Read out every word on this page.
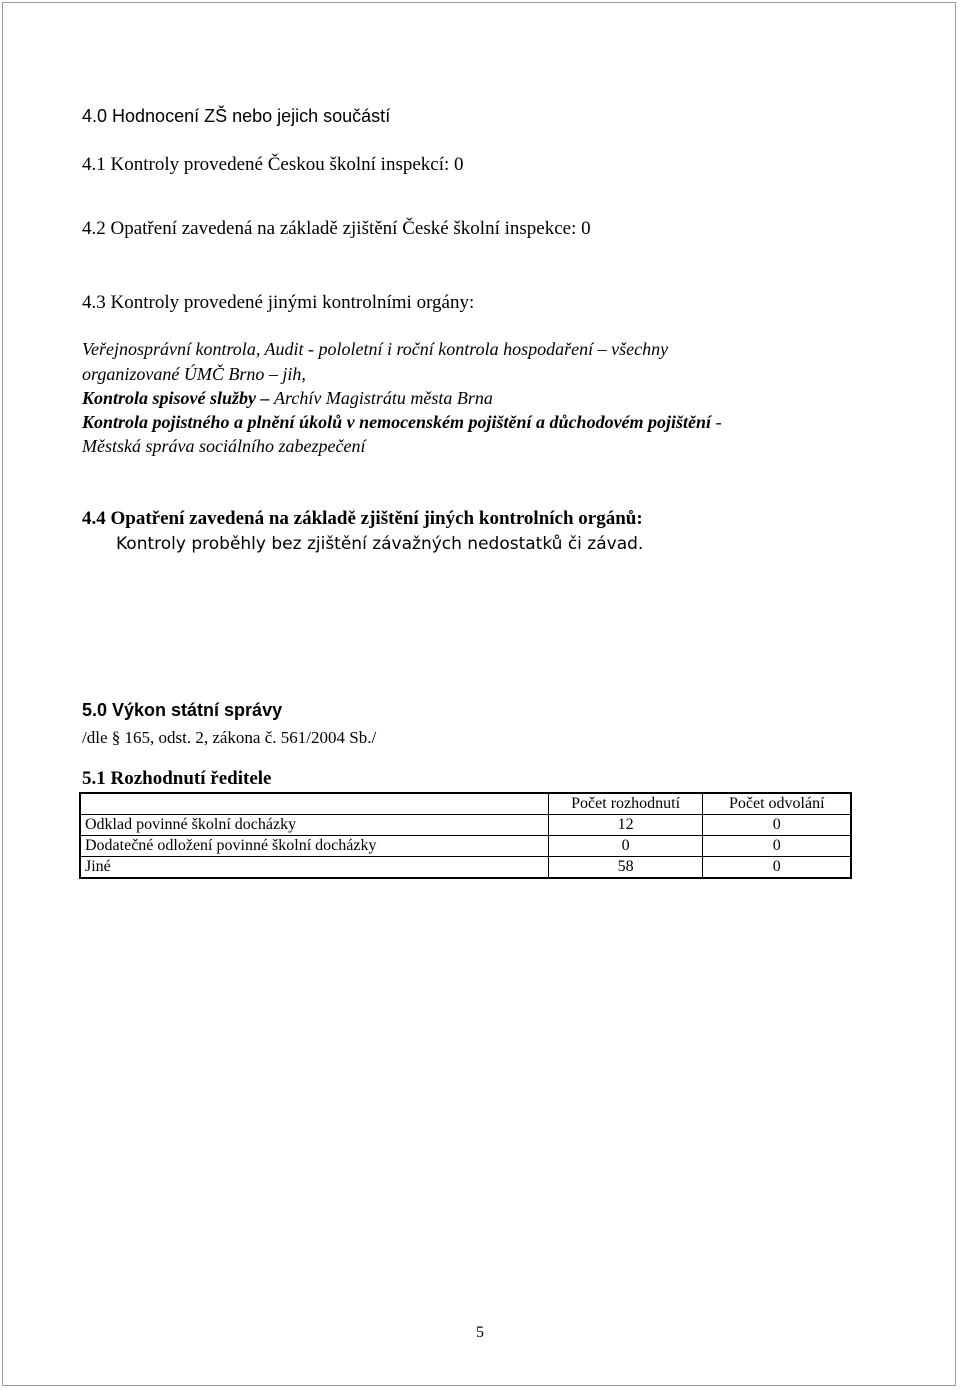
4.0 Hodnocení ZŠ nebo jejich součástí
4.1 Kontroly provedené Českou školní inspekcí: 0
4.2 Opatření zavedená na základě zjištění České školní inspekce: 0
4.3 Kontroly provedené jinými kontrolními orgány:
Veřejnosprávní kontrola, Audit - pololetní i roční kontrola hospodaření – všechny
organizované ÚMČ Brno – jih,
Kontrola spisové služby – Archív Magistrátu města Brna
Kontrola pojistného a plnění úkolů v nemocenském pojištění a důchodovém pojištění -
Městská správa sociálního zabezpečení
4.4 Opatření zavedená na základě zjištění jiných kontrolních orgánů:
Kontroly proběhly bez zjištění závažných nedostatků či závad.
5.0 Výkon státní správy
/dle § 165, odst. 2, zákona č. 561/2004 Sb./
5.1 Rozhodnutí ředitele
	Počet rozhodnutí	Počet odvolání
Odklad povinné školní docházky	12	0
Dodatečné odložení povinné školní docházky	0	0
Jiné	58	0
5
